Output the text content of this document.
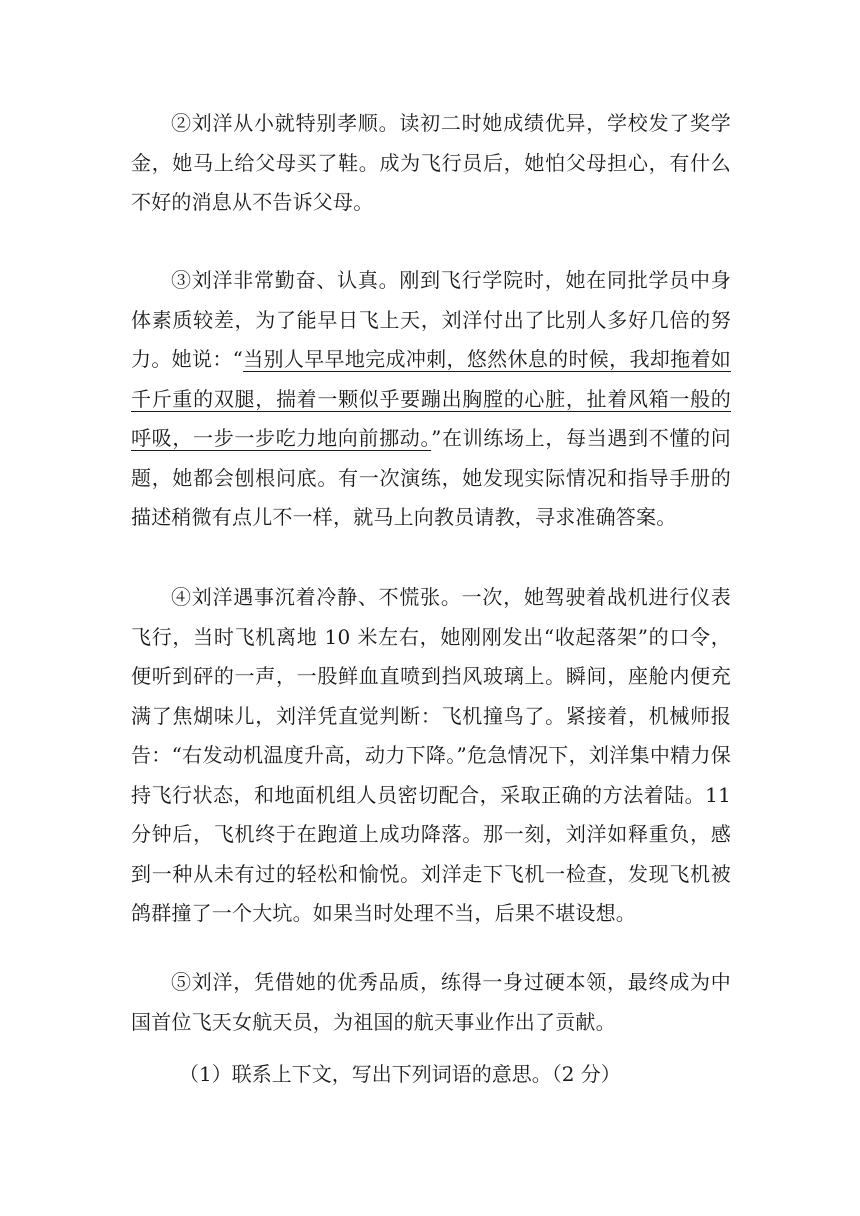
②刘洋从小就特别孝顺。读初二时她成绩优异，学校发了奖学金，她马上给父母买了鞋。成为飞行员后，她怕父母担心，有什么不好的消息从不告诉父母。

③刘洋非常勤奋、认真。刚到飞行学院时，她在同批学员中身体素质较差，为了能早日飞上天，刘洋付出了比别人多好几倍的努力。她说：“当别人早早地完成冲刺，悠然休息的时候，我却拖着如千斤重的双腿，揣着一颗似乎要蹦出胸膛的心脏，扯着风箱一般的呼吸，一步一步吃力地向前挪动。”在训练场上，每当遇到不懂的问题，她都会刨根问底。有一次演练，她发现实际情况和指导手册的描述稍微有点儿不一样，就马上向教员请教，寻求准确答案。

④刘洋遇事沉着冷静、不慌张。一次，她驾驶着战机进行仪表飞行，当时飞机离地 10 米左右，她刚刚发出“收起落架”的口令，便听到砰的一声，一股鲜血直喷到挡风玻璃上。瞬间，座舱内便充满了焦煳味儿，刘洋凭直觉判断：飞机撞鸟了。紧接着，机械师报告：“右发动机温度升高，动力下降。”危急情况下，刘洋集中精力保持飞行状态，和地面机组人员密切配合，采取正确的方法着陆。11 分钟后，飞机终于在跑道上成功降落。那一刻，刘洋如释重负，感到一种从未有过的轻松和愉悦。刘洋走下飞机一检查，发现飞机被鸽群撞了一个大坑。如果当时处理不当，后果不堪设想。

⑤刘洋，凭借她的优秀品质，练得一身过硬本领，最终成为中国首位飞天女航天员，为祖国的航天事业作出了贡献。

（1）联系上下文，写出下列词语的意思。（2 分）
